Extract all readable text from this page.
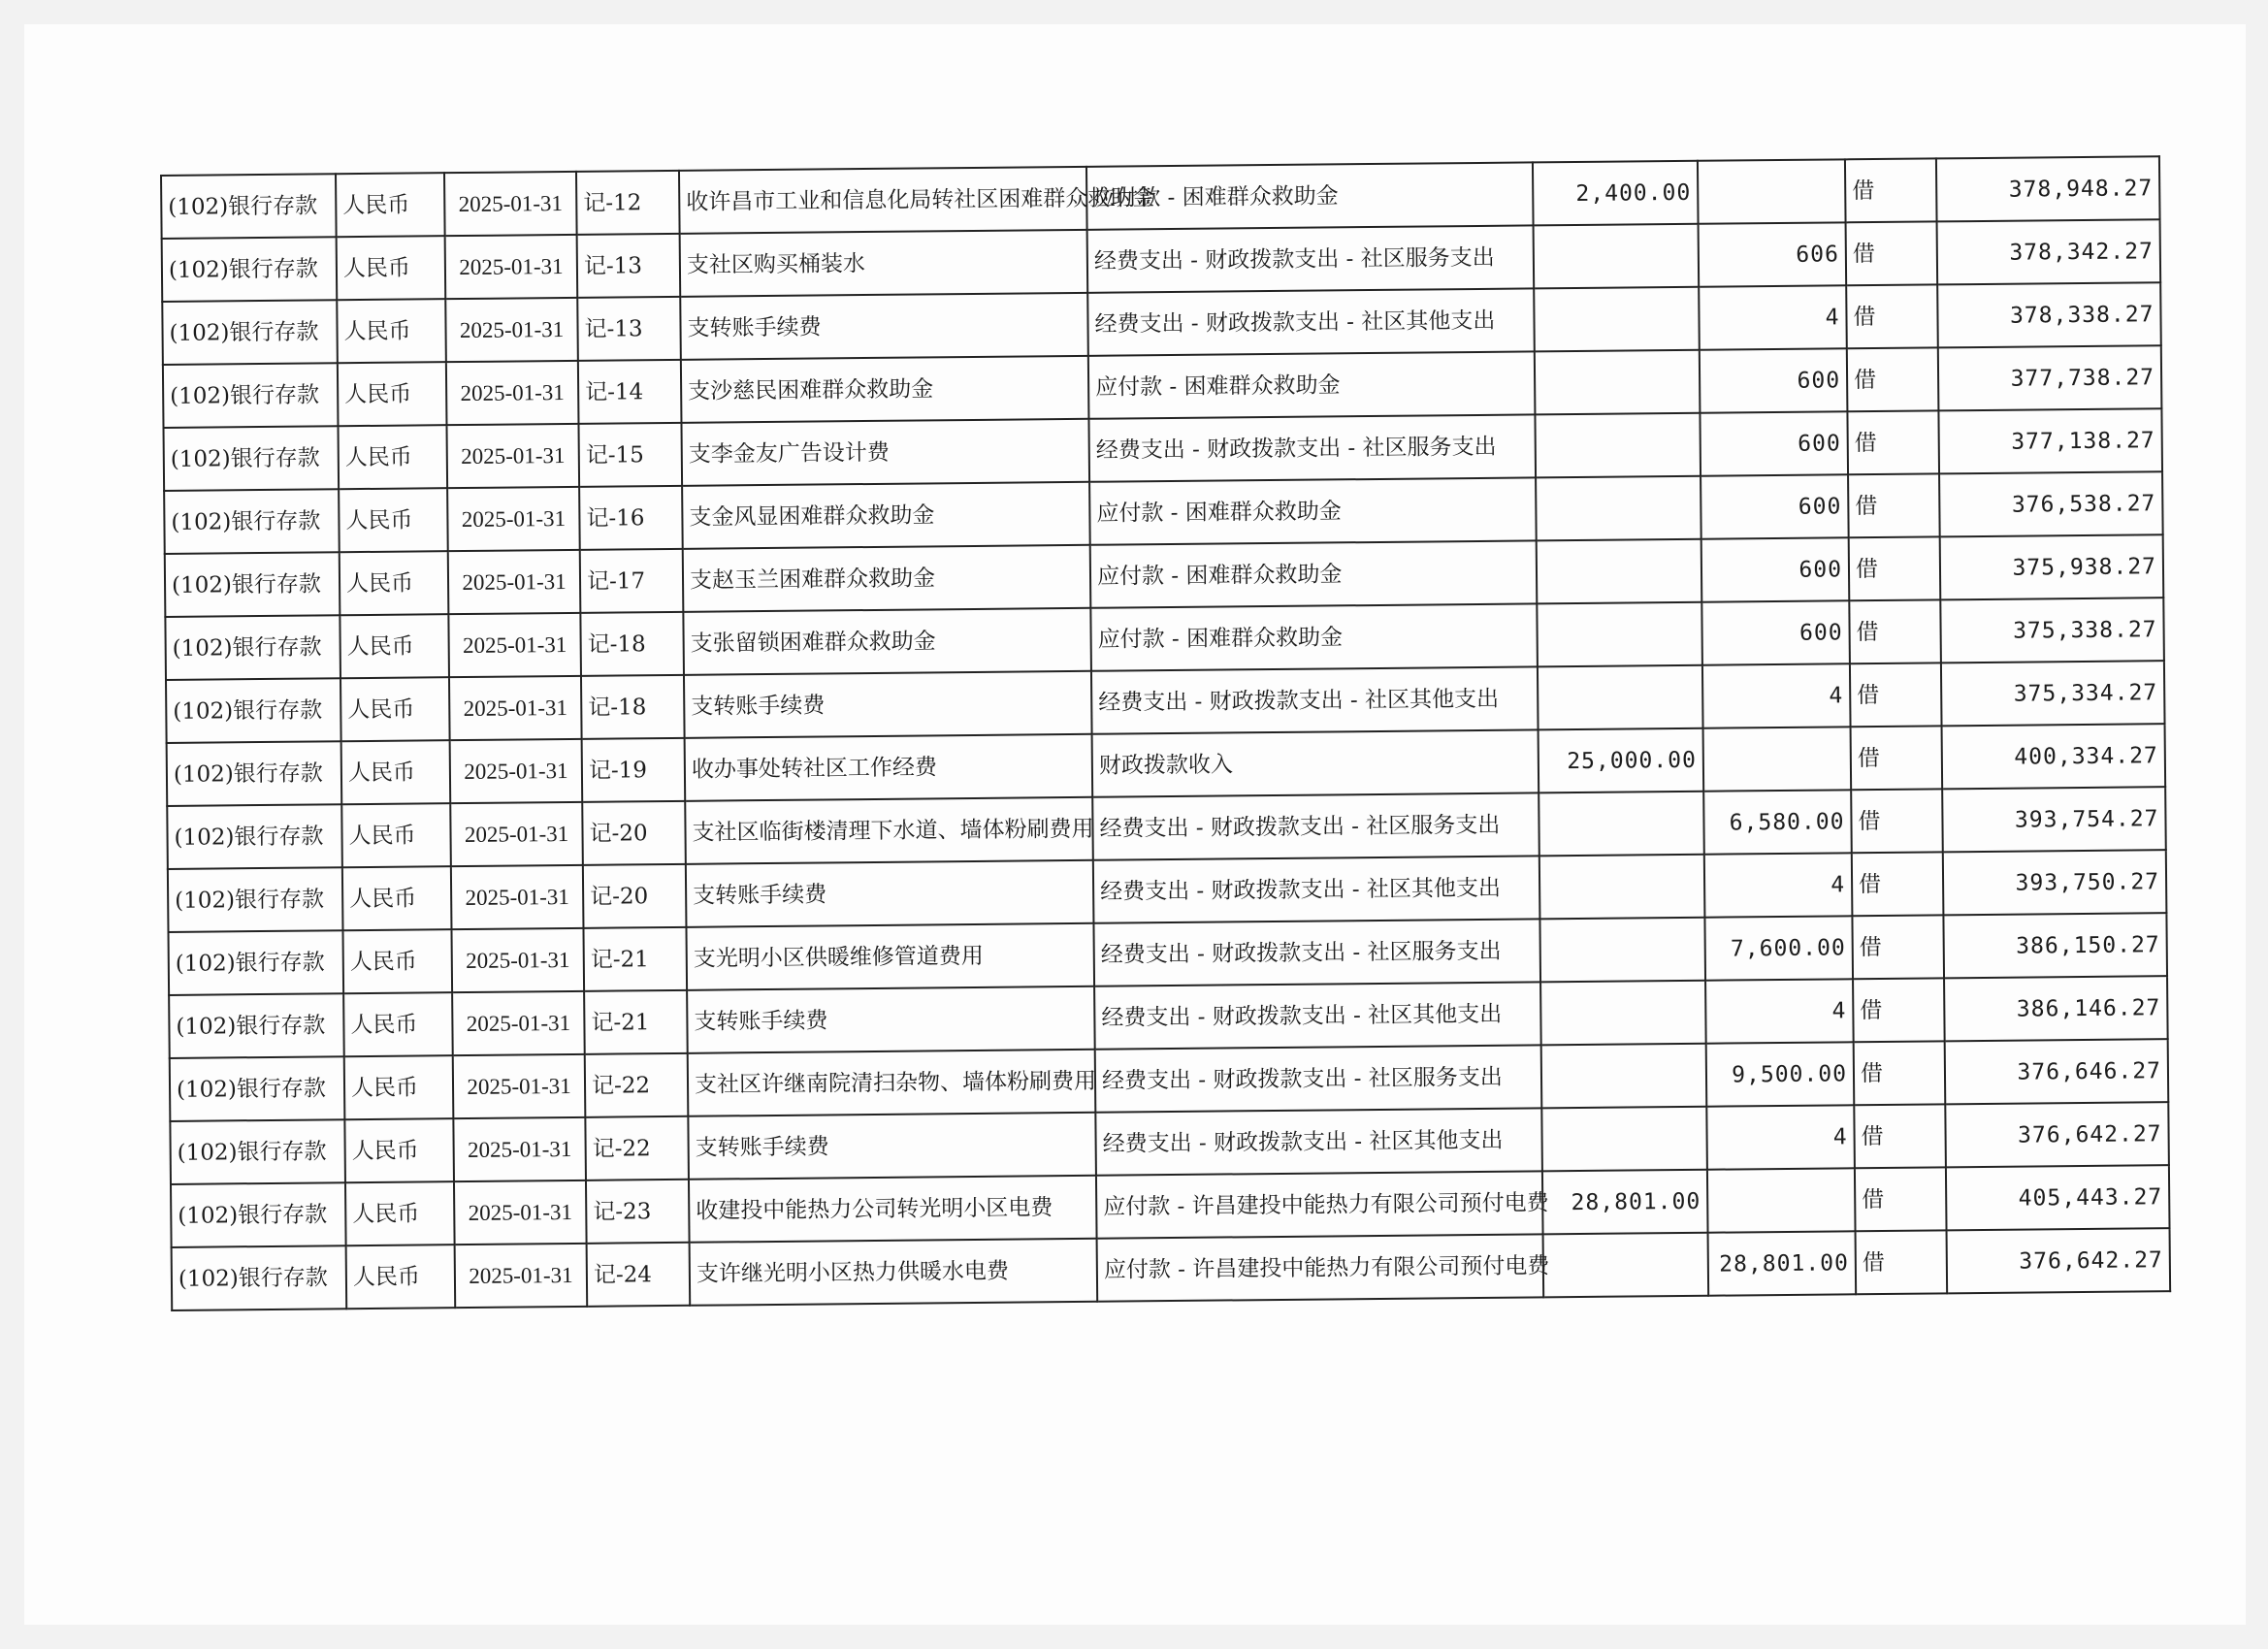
(102)银行存款	人民币	2025-01-31	记-12	收许昌市工业和信息化局转社区困难群众救助金	应付款 - 困难群众救助金	2,400.00		借	378,948.27
(102)银行存款	人民币	2025-01-31	记-13	支社区购买桶装水	经费支出 - 财政拨款支出 - 社区服务支出		606	借	378,342.27
(102)银行存款	人民币	2025-01-31	记-13	支转账手续费	经费支出 - 财政拨款支出 - 社区其他支出		4	借	378,338.27
(102)银行存款	人民币	2025-01-31	记-14	支沙慈民困难群众救助金	应付款 - 困难群众救助金		600	借	377,738.27
(102)银行存款	人民币	2025-01-31	记-15	支李金友广告设计费	经费支出 - 财政拨款支出 - 社区服务支出		600	借	377,138.27
(102)银行存款	人民币	2025-01-31	记-16	支金风显困难群众救助金	应付款 - 困难群众救助金		600	借	376,538.27
(102)银行存款	人民币	2025-01-31	记-17	支赵玉兰困难群众救助金	应付款 - 困难群众救助金		600	借	375,938.27
(102)银行存款	人民币	2025-01-31	记-18	支张留锁困难群众救助金	应付款 - 困难群众救助金		600	借	375,338.27
(102)银行存款	人民币	2025-01-31	记-18	支转账手续费	经费支出 - 财政拨款支出 - 社区其他支出		4	借	375,334.27
(102)银行存款	人民币	2025-01-31	记-19	收办事处转社区工作经费	财政拨款收入	25,000.00		借	400,334.27
(102)银行存款	人民币	2025-01-31	记-20	支社区临街楼清理下水道、墙体粉刷费用	经费支出 - 财政拨款支出 - 社区服务支出		6,580.00	借	393,754.27
(102)银行存款	人民币	2025-01-31	记-20	支转账手续费	经费支出 - 财政拨款支出 - 社区其他支出		4	借	393,750.27
(102)银行存款	人民币	2025-01-31	记-21	支光明小区供暖维修管道费用	经费支出 - 财政拨款支出 - 社区服务支出		7,600.00	借	386,150.27
(102)银行存款	人民币	2025-01-31	记-21	支转账手续费	经费支出 - 财政拨款支出 - 社区其他支出		4	借	386,146.27
(102)银行存款	人民币	2025-01-31	记-22	支社区许继南院清扫杂物、墙体粉刷费用	经费支出 - 财政拨款支出 - 社区服务支出		9,500.00	借	376,646.27
(102)银行存款	人民币	2025-01-31	记-22	支转账手续费	经费支出 - 财政拨款支出 - 社区其他支出		4	借	376,642.27
(102)银行存款	人民币	2025-01-31	记-23	收建投中能热力公司转光明小区电费	应付款 - 许昌建投中能热力有限公司预付电费	28,801.00		借	405,443.27
(102)银行存款	人民币	2025-01-31	记-24	支许继光明小区热力供暖水电费	应付款 - 许昌建投中能热力有限公司预付电费		28,801.00	借	376,642.27
